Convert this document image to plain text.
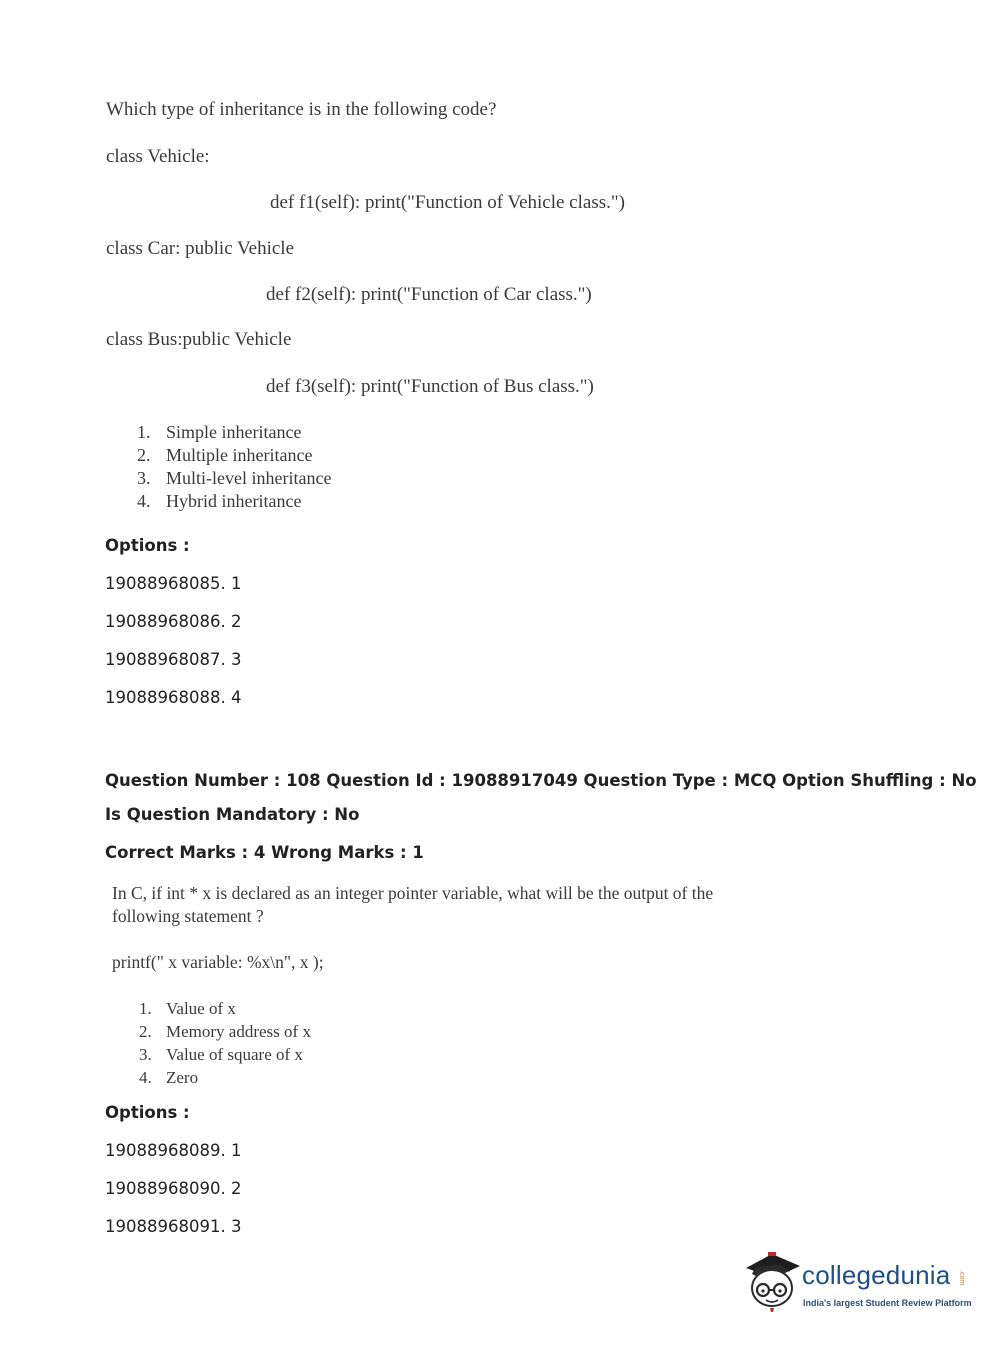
Which type of inheritance is in the following code?
class Vehicle:
def f1(self): print("Function of Vehicle class.")
class Car: public Vehicle
def f2(self): print("Function of Car class.")
class Bus:public Vehicle
def f3(self): print("Function of Bus class.")
1. Simple inheritance
2. Multiple inheritance
3. Multi-level inheritance
4. Hybrid inheritance
Options :
19088968085. 1
19088968086. 2
19088968087. 3
19088968088. 4
Question Number : 108 Question Id : 19088917049 Question Type : MCQ Option Shuffling : No
Is Question Mandatory : No
Correct Marks : 4 Wrong Marks : 1
In C, if int * x is declared as an integer pointer variable, what will be the output of the
following statement ?
printf(" x variable: %x\n", x );
1. Value of x
2. Memory address of x
3. Value of square of x
4. Zero
Options :
19088968089. 1
19088968090. 2
19088968091. 3
collegedunia .com
India's largest Student Review Platform
